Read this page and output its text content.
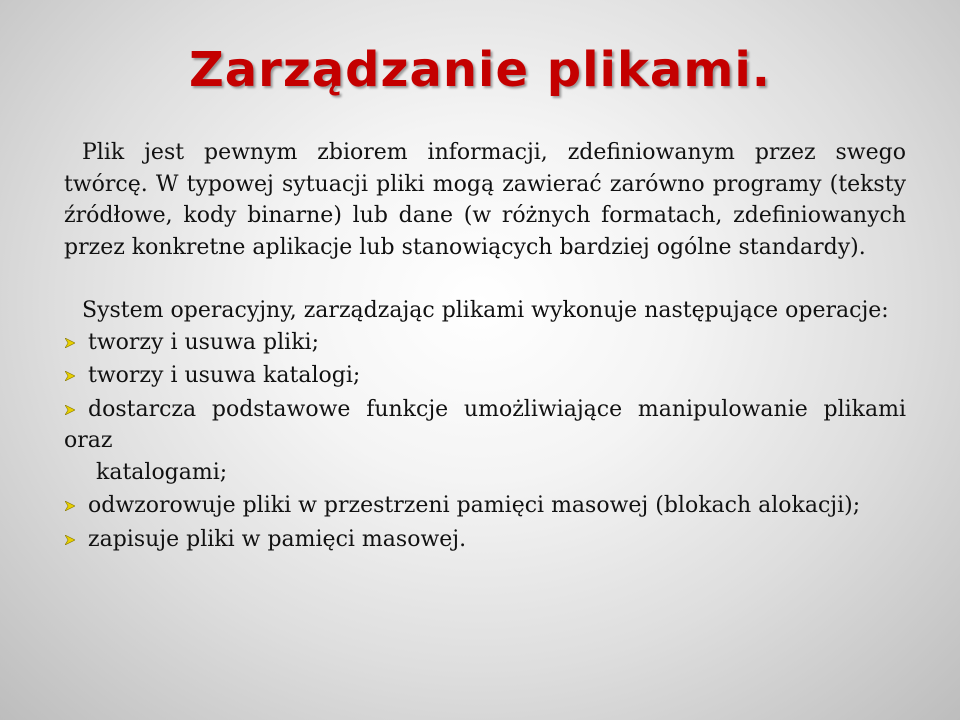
Zarządzanie plikami.

Plik jest pewnym zbiorem informacji, zdefiniowanym przez swego twórcę. W typowej sytuacji pliki mogą zawierać zarówno programy (teksty źródłowe, kody binarne) lub dane (w różnych formatach, zdefiniowanych przez konkretne aplikacje lub stanowiących bardziej ogólne standardy).

System operacyjny, zarządzając plikami wykonuje następujące operacje:

tworzy i usuwa pliki;
tworzy i usuwa katalogi;
dostarcza podstawowe funkcje umożliwiające manipulowanie plikami oraz

katalogami;

odwzorowuje pliki w przestrzeni pamięci masowej (blokach alokacji);
zapisuje pliki w pamięci masowej.
